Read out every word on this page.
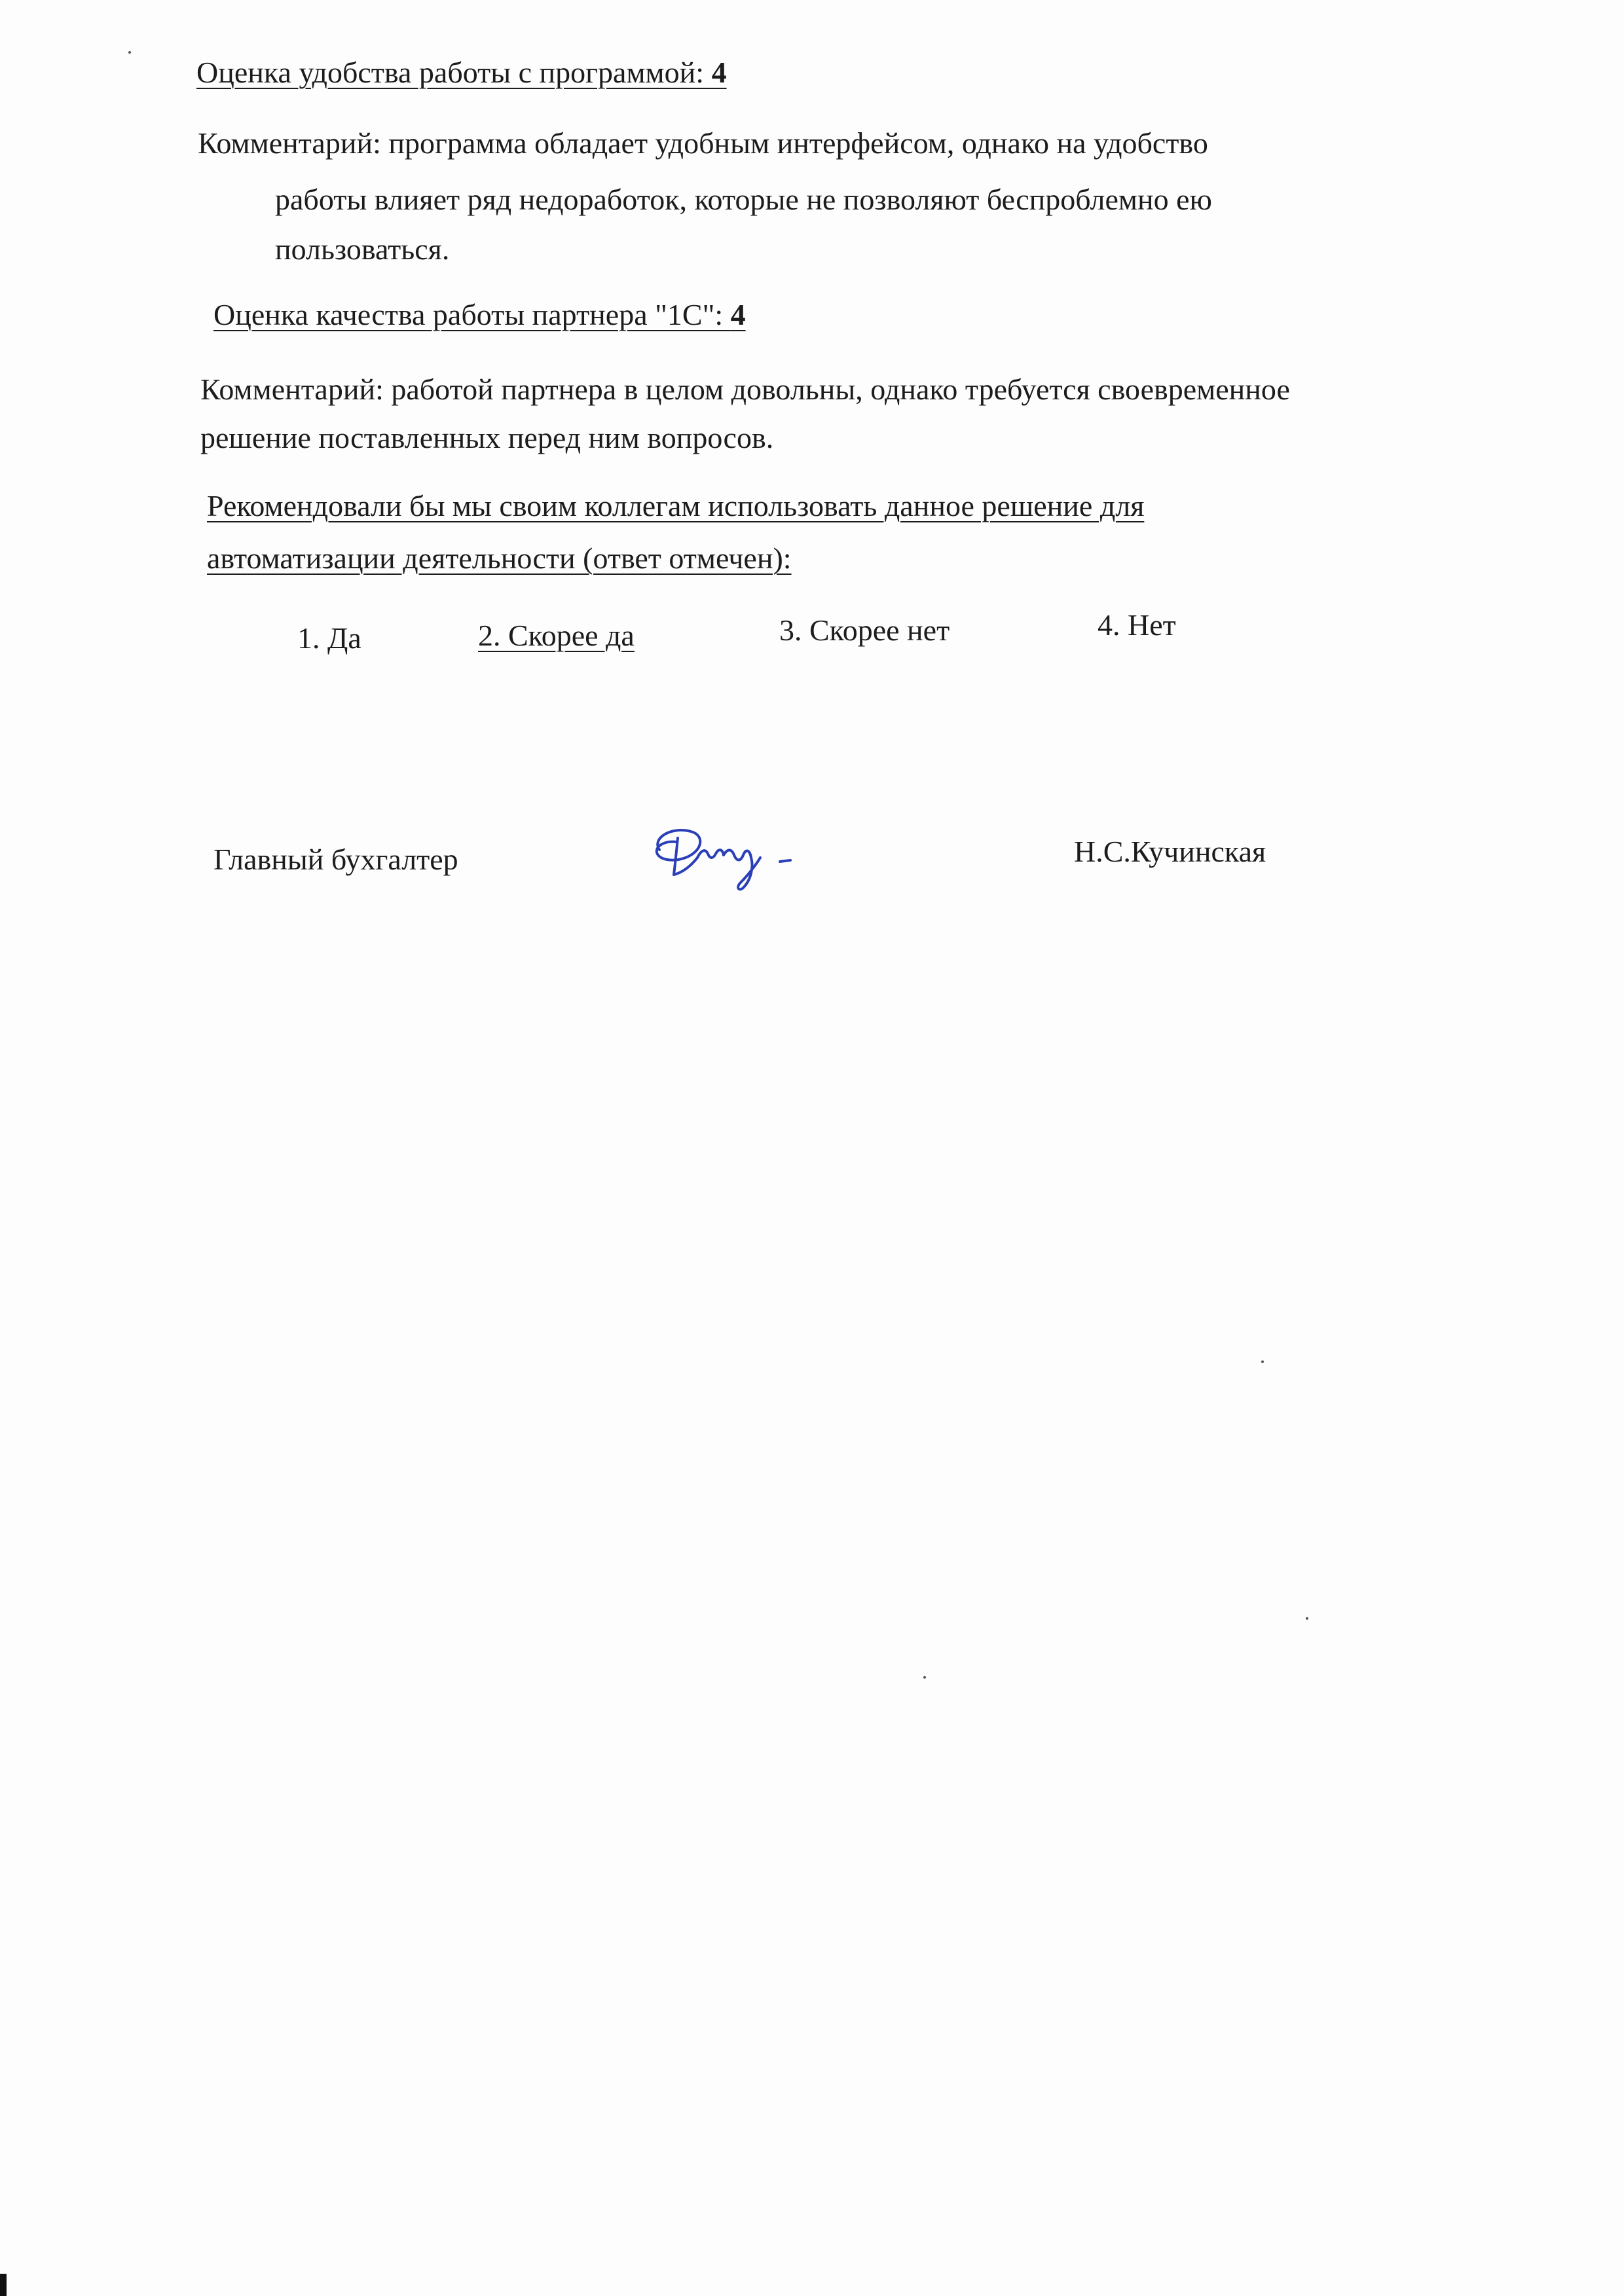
Оценка удобства работы с программой: 4
Комментарий: программа обладает удобным интерфейсом, однако на удобство
работы влияет ряд недоработок, которые не позволяют беспроблемно ею
пользоваться.
Оценка качества работы партнера "1С": 4
Комментарий: работой партнера в целом довольны, однако требуется своевременное
решение поставленных перед ним вопросов.
Рекомендовали бы мы своим коллегам использовать данное решение для
автоматизации деятельности (ответ отмечен):
1. Да	2. Скорее да	3. Скорее нет	4. Нет
Главный бухгалтер	Н.С.Кучинская
